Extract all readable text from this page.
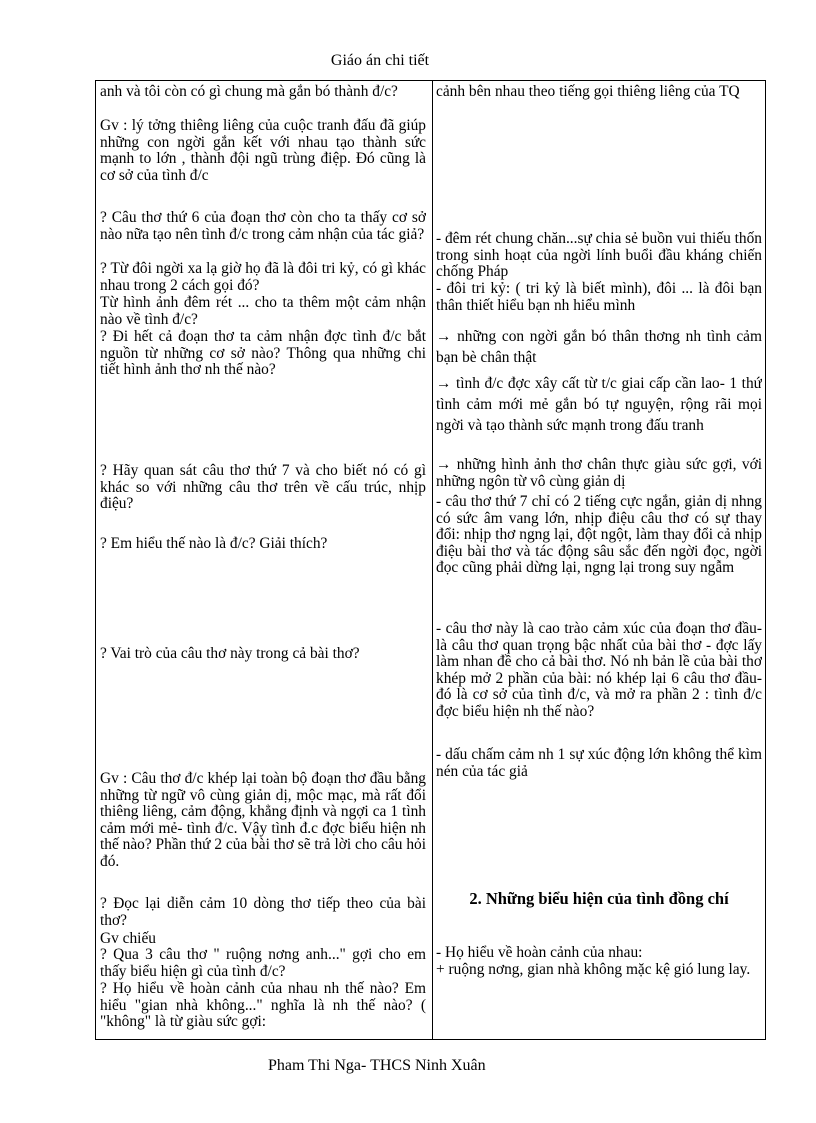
Giáo án chi tiết
anh và tôi còn có gì chung mà gắn bó thành đ/c?
Gv : lý tởng thiêng liêng của cuộc tranh đấu đã giúp những con ngời gắn kết với nhau tạo thành sức mạnh to lớn , thành đội ngũ trùng điệp. Đó cũng là cơ sở của tình đ/c
? Câu thơ thứ 6 của đoạn thơ còn cho ta thấy cơ sở nào nữa tạo nên tình đ/c trong cảm nhận của tác giả?
? Từ đôi ngời xa lạ giờ họ đã là đôi tri kỷ, có gì khác nhau trong 2 cách gọi đó?
Từ hình ảnh đêm rét ... cho ta thêm một cảm nhận nào về tình đ/c?
? Đi hết cả đoạn thơ ta cảm nhận đợc tình đ/c bắt nguồn từ những cơ sở nào? Thông qua những chi tiết hình ảnh thơ nh thế nào?
? Hãy quan sát câu thơ thứ 7 và cho biết nó có gì khác so với những câu thơ trên về cấu trúc, nhịp điệu?
? Em hiểu thế nào là đ/c? Giải thích?
? Vai trò của câu thơ này trong cả bài thơ?
Gv : Câu thơ đ/c khép lại toàn bộ đoạn thơ đầu bằng những từ ngữ vô cùng giản dị, mộc mạc, mà rất đổi thiêng liêng, cảm động, khẳng định và ngợi ca 1 tình cảm mới mẻ- tình đ/c. Vậy tình đ.c đợc biểu hiện nh thế nào? Phần thứ 2 của bài thơ sẽ trả lời cho câu hỏi đó.
? Đọc lại diễn cảm 10 dòng thơ tiếp theo của bài thơ?
Gv chiếu
? Qua 3 câu thơ " ruộng nơng anh..." gợi cho em thấy biểu hiện gì của tình đ/c?
? Họ hiểu về hoàn cảnh của nhau nh thế nào? Em hiểu "gian nhà không..." nghĩa là nh thế nào? ( "không" là từ giàu sức gợi:
cảnh bên nhau theo tiếng gọi thiêng liêng của TQ
- đêm rét chung chăn...sự chia sẻ buồn vui thiếu thốn trong sinh hoạt của ngời lính buổi đầu kháng chiến chống Pháp
- đôi tri kỷ: ( tri kỷ là biết mình), đôi ... là đôi bạn thân thiết hiểu bạn nh hiểu mình
→ những con ngời gắn bó thân thơng nh tình cảm bạn bè chân thật
→ tình đ/c đợc xây cất từ t/c giai cấp cần lao- 1 thứ tình cảm mới mẻ gắn bó tự nguyện, rộng rãi mọi ngời và tạo thành sức mạnh trong đấu tranh
→ những hình ảnh thơ chân thực giàu sức gợi, với những ngôn từ vô cùng giản dị
- câu thơ thứ 7 chỉ có 2 tiếng cực ngắn, giản dị nhng có sức âm vang lớn, nhịp điệu câu thơ có sự thay đổi: nhịp thơ ngng lại, đột ngột, làm thay đổi cả nhịp điệu bài thơ và tác động sâu sắc đến ngời đọc, ngời đọc cũng phải dừng lại, ngng lại trong suy ngẫm
- câu thơ này là cao trào cảm xúc của đoạn thơ đầu- là câu thơ quan trọng bậc nhất của bài thơ - đợc lấy làm nhan đề cho cả bài thơ. Nó nh bản lề của bài thơ khép mở 2 phần của bài: nó khép lại 6 câu thơ đầu- đó là cơ sở của tình đ/c, và mở ra phần 2 : tình đ/c đợc biểu hiện nh thế nào?
- dấu chấm cảm nh 1 sự xúc động lớn không thể kìm nén của tác giả
2. Những biểu hiện của tình đồng chí
- Họ hiểu về hoàn cảnh của nhau:
+ ruộng nơng, gian nhà không mặc kệ gió lung lay.
Pham Thi Nga- THCS Ninh Xuân
